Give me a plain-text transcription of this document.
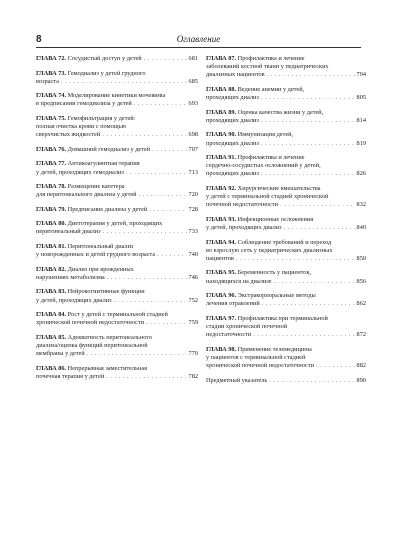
8	Оглавление
ГЛАВА 72. Сосудистый доступ у детей . . .	681
ГЛАВА 73. Гемодиализ у детей грудного
возраста . . .	685
ГЛАВА 74. Моделирование кинетики мочевины
в предписании гемодиализа у детей . . .	693
ГЛАВА 75. Гемофильтрация у детей:
полная очистка крови с помощью
сверхчистых жидкостей . . .	698
ГЛАВА 76. Домашний гемодиализ у детей . . .	707
ГЛАВА 77. Антикоагулянтная терапия
у детей, проходящих гемодиализ . . .	713
ГЛАВА 78. Размещение катетера
для перитонеального диализа у детей . . .	720
ГЛАВА 79. Предписание диализа у детей . . .	728
ГЛАВА 80. Диетотерапия у детей, проходящих
перитонеальный диализ . . .	733
ГЛАВА 81. Перитонеальный диализ
у новорожденных и детей грудного возраста . . .	740
ГЛАВА 82. Диализ при врожденных
нарушениях метаболизма . . .	746
ГЛАВА 83. Нейрокогнитивные функции
у детей, проходящих диализ . . .	752
ГЛАВА 84. Рост у детей с терминальной стадией
хронической почечной недостаточности . . .	759
ГЛАВА 85. Адекватность перитонеального
диализа/оценка функций перитонеальной
мембраны у детей . . .	770
ГЛАВА 86. Непрерывная заместительная
почечная терапия у детей . . .	782
ГЛАВА 87. Профилактика и лечение
заболеваний костной ткани у педиатрических
диализных пациентов . . .	794
ГЛАВА 88. Ведение анемии у детей,
проходящих диализ . . .	805
ГЛАВА 89. Оценка качества жизни у детей,
проходящих диализ . . .	814
ГЛАВА 90. Иммунизация детей,
проходящих диализ . . .	819
ГЛАВА 91. Профилактика и лечение
сердечно-сосудистых осложнений у детей,
проходящих диализ . . .	826
ГЛАВА 92. Хирургические вмешательства
у детей с терминальной стадией хронической
почечной недостаточности . . .	832
ГЛАВА 93. Инфекционные осложнения
у детей, проходящих диализ . . .	840
ГЛАВА 94. Соблюдение требований и переход
во взрослую сеть у педиатрических диализных
пациентов . . .	850
ГЛАВА 95. Беременность у пациенток,
находящихся на диализе . . .	856
ГЛАВА 96. Экстракорпоральные методы
лечения отравлений . . .	862
ГЛАВА 97. Профилактика при терминальной
стадии хронической почечной
недостаточности . . .	872
ГЛАВА 98. Применение телемедицины
у пациентов с терминальной стадией
хронической почечной недостаточности . . .	882
Предметный указатель . . .	890
